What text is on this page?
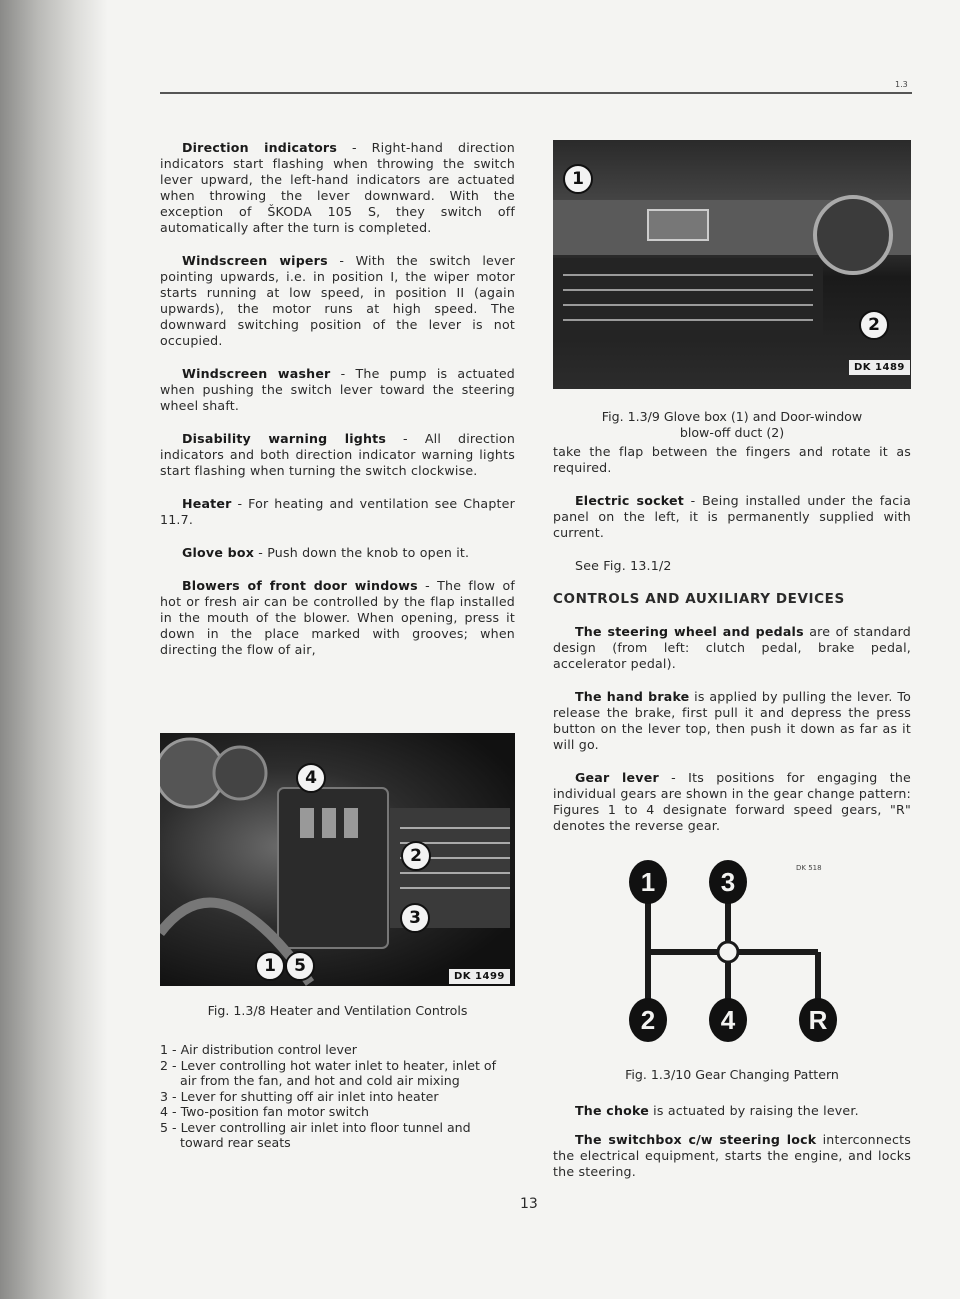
1.3

Direction indicators - Right-hand direction indicators start flashing when throwing the switch lever upward, the left-hand indicators are actuated when throwing the lever downward. With the exception of ŠKODA 105 S, they switch off automatically after the turn is completed.

Windscreen wipers - With the switch lever pointing upwards, i.e. in position I, the wiper motor starts running at low speed, in position II (again upwards), the motor runs at high speed. The downward switching position of the lever is not occupied.

Windscreen washer - The pump is actuated when pushing the switch lever toward the steering wheel shaft.

Disability warning lights - All direction indicators and both direction indicator warning lights start flashing when turning the switch clockwise.

Heater - For heating and ventilation see Chapter 11.7.

Glove box - Push down the knob to open it.

Blowers of front door windows - The flow of hot or fresh air can be controlled by the flap installed in the mouth of the blower. When opening, press it down in the place marked with grooves; when directing the flow of air,

4
2
3
1	5
DK 1499
Fig. 1.3/8 Heater and Ventilation Controls
1 - Air distribution control lever
2 - Lever controlling hot water inlet to heater, inlet of air from the fan, and hot and cold air mixing
3 - Lever for shutting off air inlet into heater
4 - Two-position fan motor switch
5 - Lever controlling air inlet into floor tunnel and toward rear seats
1
2
DK 1489
Fig. 1.3/9 Glove box (1) and Door-window
blow-off duct (2)

take the flap between the fingers and rotate it as required.

Electric socket - Being installed under the facia panel on the left, it is permanently supplied with current.

See Fig. 13.1/2

CONTROLS AND AUXILIARY DEVICES

The steering wheel and pedals are of standard design (from left: clutch pedal, brake pedal, accelerator pedal).

The hand brake is applied by pulling the lever. To release the brake, first pull it and depress the press button on the lever top, then push it down as far as it will go.

Gear lever - Its positions for engaging the individual gears are shown in the gear change pattern: Figures 1 to 4 designate forward speed gears, "R" denotes the reverse gear.

DK 518
1	3
2	4	R
Fig. 1.3/10 Gear Changing Pattern

The choke is actuated by raising the lever.

The switchbox c/w steering lock interconnects the electrical equipment, starts the engine, and locks the steering.

13
